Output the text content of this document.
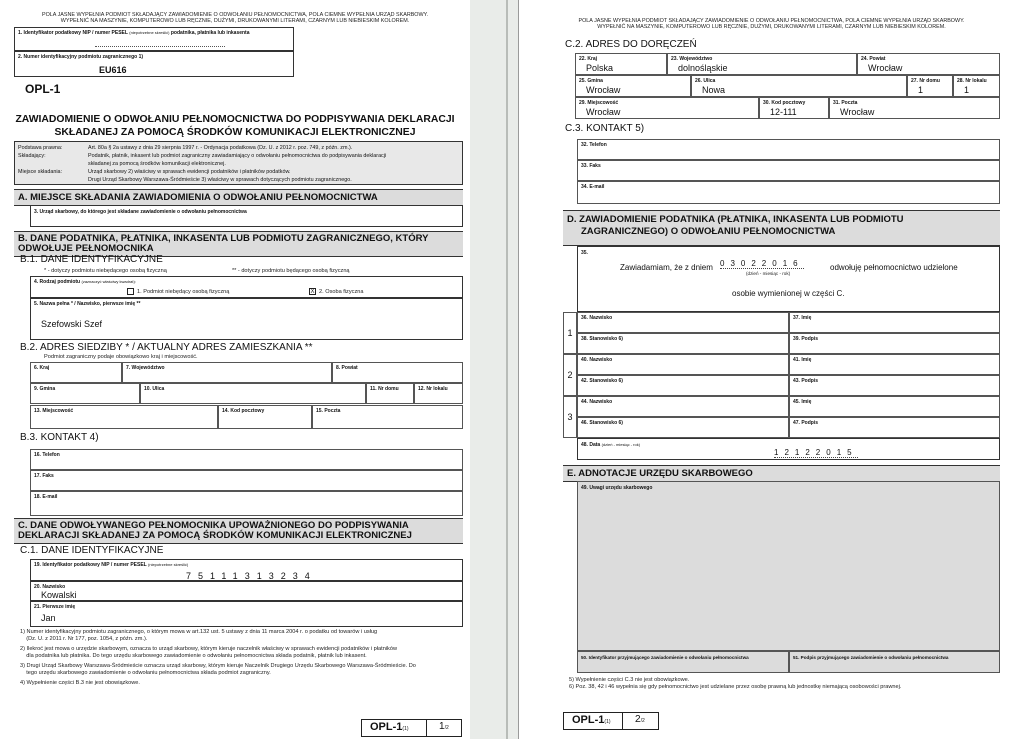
POLA JASNE WYPEŁNIA PODMIOT SKŁADAJĄCY ZAWIADOMIENIE O ODWOŁANIU PEŁNOMOCNICTWA, POLA CIEMNE WYPEŁNIA URZĄD SKARBOWY.
WYPEŁNIĆ NA MASZYNIE, KOMPUTEROWO LUB RĘCZNIE, DUŻYMI, DRUKOWANYMI LITERAMI, CZARNYM LUB NIEBIESKIM KOLOREM.
1. Identyfikator podatkowy NIP / numer PESEL (niepotrzebne skreślić) podatnika, płatnika lub inkasenta
2. Numer identyfikacyjny podmiotu zagranicznego 1)
EU616
OPL-1
ZAWIADOMIENIE O ODWOŁANIU PEŁNOMOCNICTWA DO PODPISYWANIA DEKLARACJI
SKŁADANEJ ZA POMOCĄ ŚRODKÓW KOMUNIKACJI ELEKTRONICZNEJ
Podstawa prawna:	Art. 80a § 2a ustawy z dnia 29 sierpnia 1997 r. - Ordynacja podatkowa (Dz. U. z 2012 r. poz. 749, z późn. zm.).
Składający:	Podatnik, płatnik, inkasent lub podmiot zagraniczny zawiadamiający o odwołaniu pełnomocnictwa do podpisywania deklaracji
składanej za pomocą środków komunikacji elektronicznej.
Miejsce składania:	Urząd skarbowy 2) właściwy w sprawach ewidencji podatników i płatników podatków.
Drugi Urząd Skarbowy Warszawa-Śródmieście 3) właściwy w sprawach dotyczących podmiotu zagranicznego.
A. MIEJSCE SKŁADANIA ZAWIADOMIENIA O ODWOŁANIU PEŁNOMOCNICTWA
3. Urząd skarbowy, do którego jest składane zawiadomienie o odwołaniu pełnomocnictwa
B. DANE PODATNIKA, PŁATNIKA, INKASENTA LUB PODMIOTU ZAGRANICZNEGO, KTÓRY
ODWOŁUJE PEŁNOMOCNIKA
B.1. DANE IDENTYFIKACYJNE
* - dotyczy podmiotu niebędącego osobą fizyczną	** - dotyczy podmiotu będącego osobą fizyczną
4. Rodzaj podmiotu (zaznaczyć właściwy kwadrat):
1. Podmiot niebędący osobą fizyczną	X 2. Osoba fizyczna
5. Nazwa pełna * / Nazwisko, pierwsze imię **
Szefowski Szef
B.2. ADRES SIEDZIBY * / AKTUALNY ADRES ZAMIESZKANIA **
Podmiot zagraniczny podaje obowiązkowo kraj i miejscowość.
6. Kraj	7. Województwo	8. Powiat
9. Gmina	10. Ulica	11. Nr domu	12. Nr lokalu
13. Miejscowość	14. Kod pocztowy	15. Poczta
B.3. KONTAKT 4)
16. Telefon
17. Faks
18. E-mail
C. DANE ODWOŁYWANEGO PEŁNOMOCNIKA UPOWAŻNIONEGO DO PODPISYWANIA
DEKLARACJI SKŁADANEJ ZA POMOCĄ ŚRODKÓW KOMUNIKACJI ELEKTRONICZNEJ
C.1. DANE IDENTYFIKACYJNE
19. Identyfikator podatkowy NIP / numer PESEL (niepotrzebne skreślić)
75111313234
20. Nazwisko
Kowalski
21. Pierwsze imię
Jan
1) Numer identyfikacyjny podmiotu zagranicznego, o którym mowa w art.132 ust. 5 ustawy z dnia 11 marca 2004 r. o podatku od towarów i usług
(Dz. U. z 2011 r. Nr 177, poz. 1054, z późn. zm.).
2) Ilekroć jest mowa o urzędzie skarbowym, oznacza to urząd skarbowy, którym kieruje naczelnik właściwy w sprawach ewidencji podatników i płatników
dla podatnika lub płatnika. Do tego urzędu skarbowego zawiadomienie o odwołaniu pełnomocnictwa składa podatnik, płatnik lub inkasent.
3) Drugi Urząd Skarbowy Warszawa-Śródmieście oznacza urząd skarbowy, którym kieruje Naczelnik Drugiego Urzędu Skarbowego Warszawa-Śródmieście. Do
tego urzędu skarbowego zawiadomienie o odwołaniu pełnomocnictwa składa podmiot zagraniczny.
4) Wypełnienie części B.3 nie jest obowiązkowe.
OPL-1(1)	1/2
POLA JASNE WYPEŁNIA PODMIOT SKŁADAJĄCY ZAWIADOMIENIE O ODWOŁANIU PEŁNOMOCNICTWA, POLA CIEMNE WYPEŁNIA URZĄD SKARBOWY.
WYPEŁNIĆ NA MASZYNIE, KOMPUTEROWO LUB RĘCZNIE, DUŻYMI, DRUKOWANYMI LITERAMI, CZARNYM LUB NIEBIESKIM KOLOREM.
C.2. ADRES DO DORĘCZEŃ
22. Kraj
Polska
23. Województwo
dolnośląskie
24. Powiat
Wrocław
25. Gmina
Wrocław
26. Ulica
Nowa
27. Nr domu
1
28. Nr lokalu
1
29. Miejscowość
Wrocław
30. Kod pocztowy
12-111
31. Poczta
Wrocław
C.3. KONTAKT 5)
32. Telefon
33. Faks
34. E-mail
D. ZAWIADOMIENIE PODATNIKA (PŁATNIKA, INKASENTA LUB PODMIOTU
ZAGRANICZNEGO) O ODWOŁANIU PEŁNOMOCNICTWA
35.
Zawiadamiam, że z dniem 03022016
(dzień - miesiąc - rok)
odwołuję pełnomocnictwo udzielone
osobie wymienionej w części C.
1
36. Nazwisko	37. Imię
38. Stanowisko 6)	39. Podpis
2
40. Nazwisko	41. Imię
42. Stanowisko 6)	43. Podpis
3
44. Nazwisko	45. Imię
46. Stanowisko 6)	47. Podpis
48. Data (dzień - miesiąc - rok)
12122015
E. ADNOTACJE URZĘDU SKARBOWEGO
49. Uwagi urzędu skarbowego
50. Identyfikator przyjmującego zawiadomienie o odwołaniu pełnomocnictwa	51. Podpis przyjmującego zawiadomienie o odwołaniu pełnomocnictwa
5) Wypełnienie części C.3 nie jest obowiązkowe.
6) Poz. 38, 42 i 46 wypełnia się gdy pełnomocnictwo jest udzielane przez osobę prawną lub jednostkę niemającą osobowości prawnej.
OPL-1(1)	2/2
